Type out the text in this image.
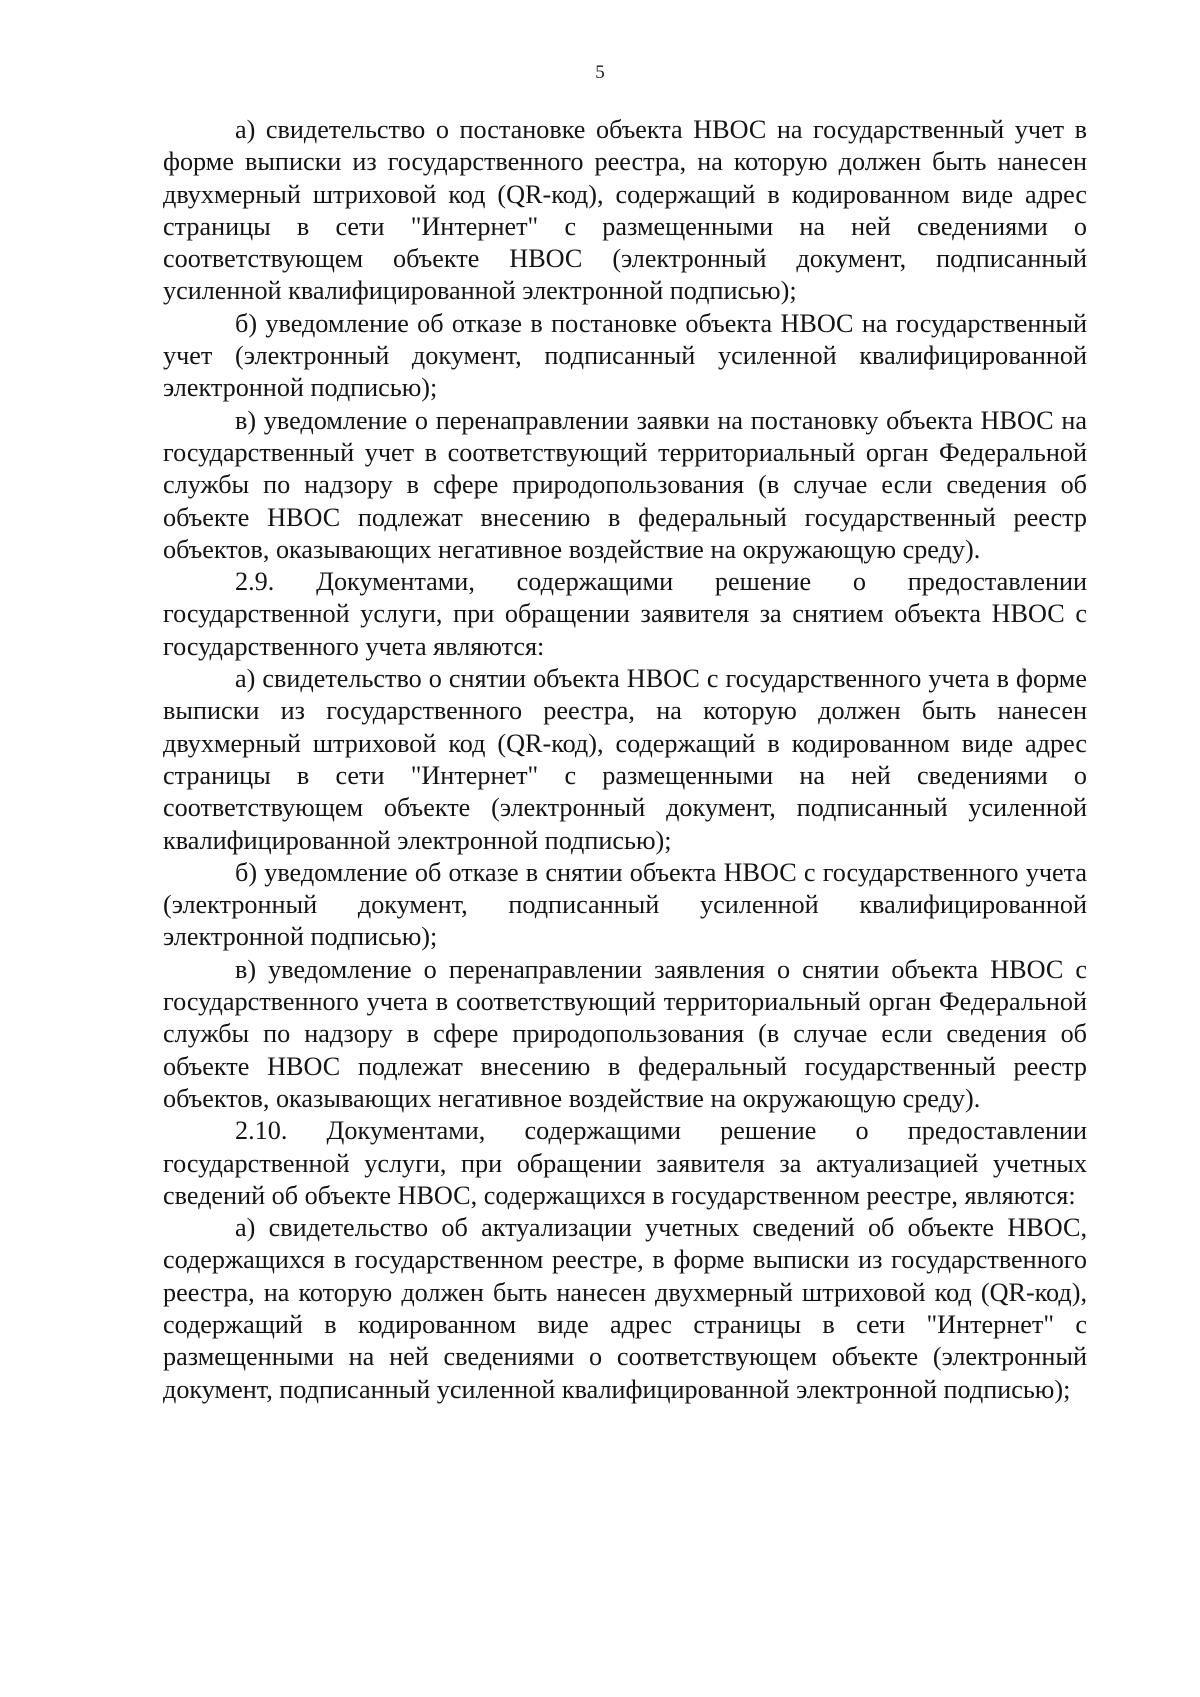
5

а) свидетельство о постановке объекта НВОС на государственный учет в форме выписки из государственного реестра, на которую должен быть нанесен двухмерный штриховой код (QR-код), содержащий в кодированном виде адрес страницы в сети "Интернет" с размещенными на ней сведениями о соответствующем объекте НВОС (электронный документ, подписанный усиленной квалифицированной электронной подписью);

б) уведомление об отказе в постановке объекта НВОС на государственный учет (электронный документ, подписанный усиленной квалифицированной электронной подписью);

в) уведомление о перенаправлении заявки на постановку объекта НВОС на государственный учет в соответствующий территориальный орган Федеральной службы по надзору в сфере природопользования (в случае если сведения об объекте НВОС подлежат внесению в федеральный государственный реестр объектов, оказывающих негативное воздействие на окружающую среду).

2.9. Документами, содержащими решение о предоставлении государственной услуги, при обращении заявителя за снятием объекта НВОС с государственного учета являются:

а) свидетельство о снятии объекта НВОС с государственного учета в форме выписки из государственного реестра, на которую должен быть нанесен двухмерный штриховой код (QR-код), содержащий в кодированном виде адрес страницы в сети "Интернет" с размещенными на ней сведениями о соответствующем объекте (электронный документ, подписанный усиленной квалифицированной электронной подписью);

б) уведомление об отказе в снятии объекта НВОС с государственного учета (электронный документ, подписанный усиленной квалифицированной электронной подписью);

в) уведомление о перенаправлении заявления о снятии объекта НВОС с государственного учета в соответствующий территориальный орган Федеральной службы по надзору в сфере природопользования (в случае если сведения об объекте НВОС подлежат внесению в федеральный государственный реестр объектов, оказывающих негативное воздействие на окружающую среду).

2.10. Документами, содержащими решение о предоставлении государственной услуги, при обращении заявителя за актуализацией учетных сведений об объекте НВОС, содержащихся в государственном реестре, являются:

а) свидетельство об актуализации учетных сведений об объекте НВОС, содержащихся в государственном реестре, в форме выписки из государственного реестра, на которую должен быть нанесен двухмерный штриховой код (QR-код), содержащий в кодированном виде адрес страницы в сети "Интернет" с размещенными на ней сведениями о соответствующем объекте (электронный документ, подписанный усиленной квалифицированной электронной подписью);
